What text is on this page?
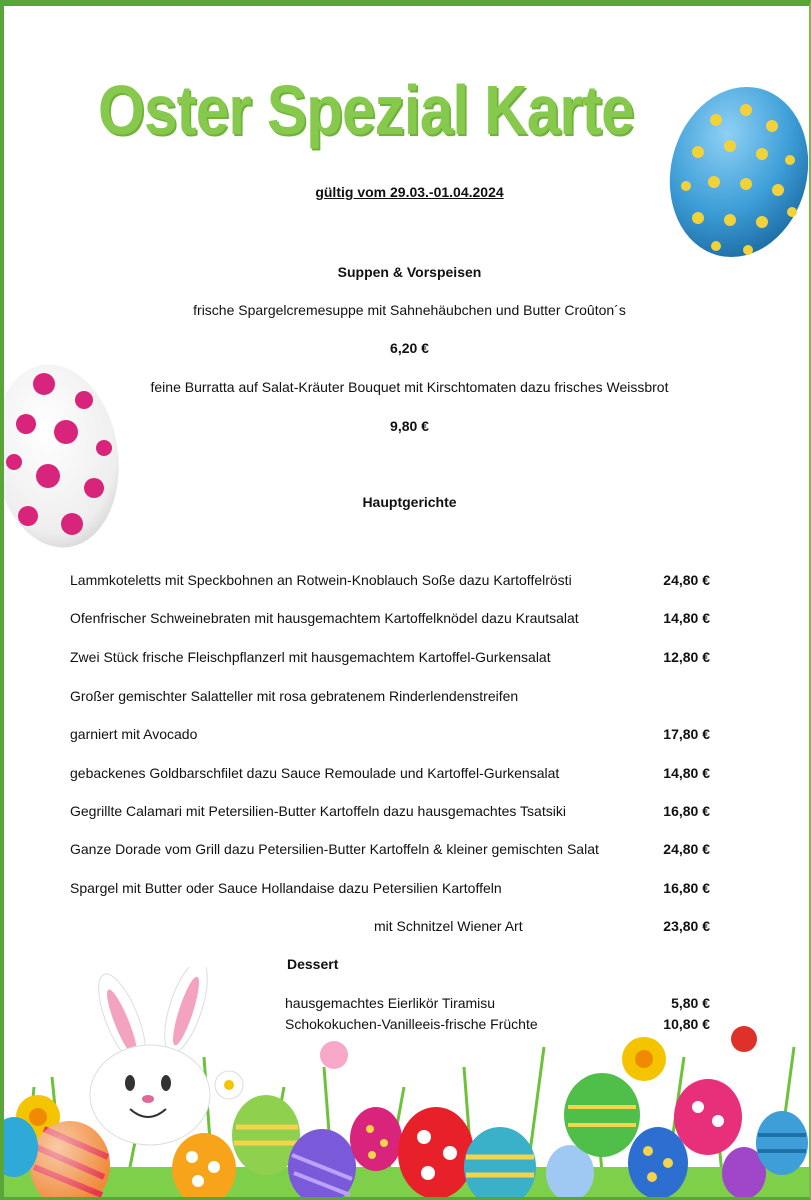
Oster Spezial Karte
gültig vom 29.03.-01.04.2024
Suppen & Vorspeisen
frische Spargelcremesuppe mit Sahnehäubchen und Butter Croûton´s
6,20 €
feine Burratta auf Salat-Kräuter Bouquet mit Kirschtomaten dazu frisches Weissbrot
9,80 €
Hauptgerichte
Lammkoteletts mit Speckbohnen an Rotwein-Knoblauch Soße dazu Kartoffelrösti	24,80 €
Ofenfrischer Schweinebraten mit hausgemachtem Kartoffelknödel dazu Krautsalat	14,80 €
Zwei Stück frische Fleischpflanzerl mit hausgemachtem Kartoffel-Gurkensalat	12,80 €
Großer gemischter Salatteller mit rosa gebratenem Rinderlendenstreifen
garniert mit Avocado	17,80 €
gebackenes Goldbarschfilet dazu Sauce Remoulade und Kartoffel-Gurkensalat	14,80 €
Gegrillte Calamari mit Petersilien-Butter Kartoffeln dazu hausgemachtes Tsatsiki	16,80 €
Ganze Dorade vom Grill dazu Petersilien-Butter Kartoffeln & kleiner gemischten Salat	24,80 €
Spargel mit Butter oder Sauce Hollandaise dazu Petersilien Kartoffeln	16,80 €
mit Schnitzel Wiener Art	23,80 €
Dessert
hausgemachtes Eierlikör Tiramisu	5,80 €
Schokokuchen-Vanilleeis-frische Früchte	10,80 €
